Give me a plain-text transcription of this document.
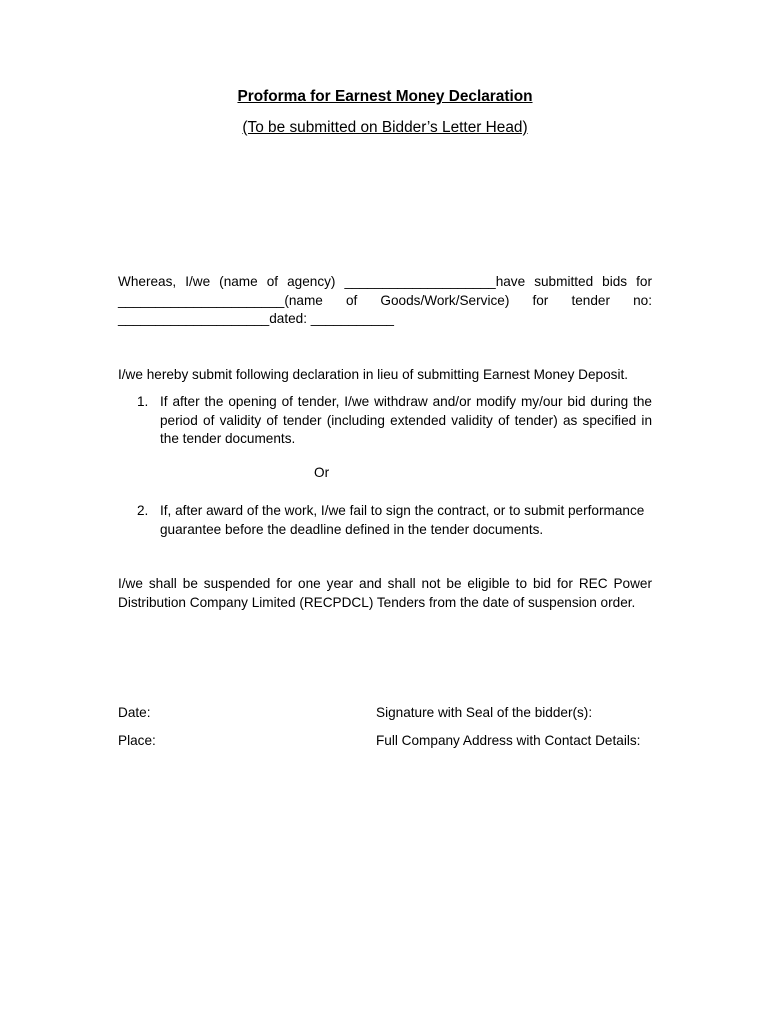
Proforma for Earnest Money Declaration
(To be submitted on Bidder’s Letter Head)
Whereas, I/we (name of agency) ____________________have submitted bids for
______________________(name of Goods/Work/Service) for tender no:
____________________dated: ___________
I/we hereby submit following declaration in lieu of submitting Earnest Money Deposit.
1. If after the opening of tender, I/we withdraw and/or modify my/our bid during the
period of validity of tender (including extended validity of tender) as specified in
the tender documents.
Or
2. If, after award of the work, I/we fail to sign the contract, or to submit performance
guarantee before the deadline defined in the tender documents.
I/we shall be suspended for one year and shall not be eligible to bid for REC Power
Distribution Company Limited (RECPDCL) Tenders from the date of suspension order.
Date:	Signature with Seal of the bidder(s):
Place:	Full Company Address with Contact Details:
